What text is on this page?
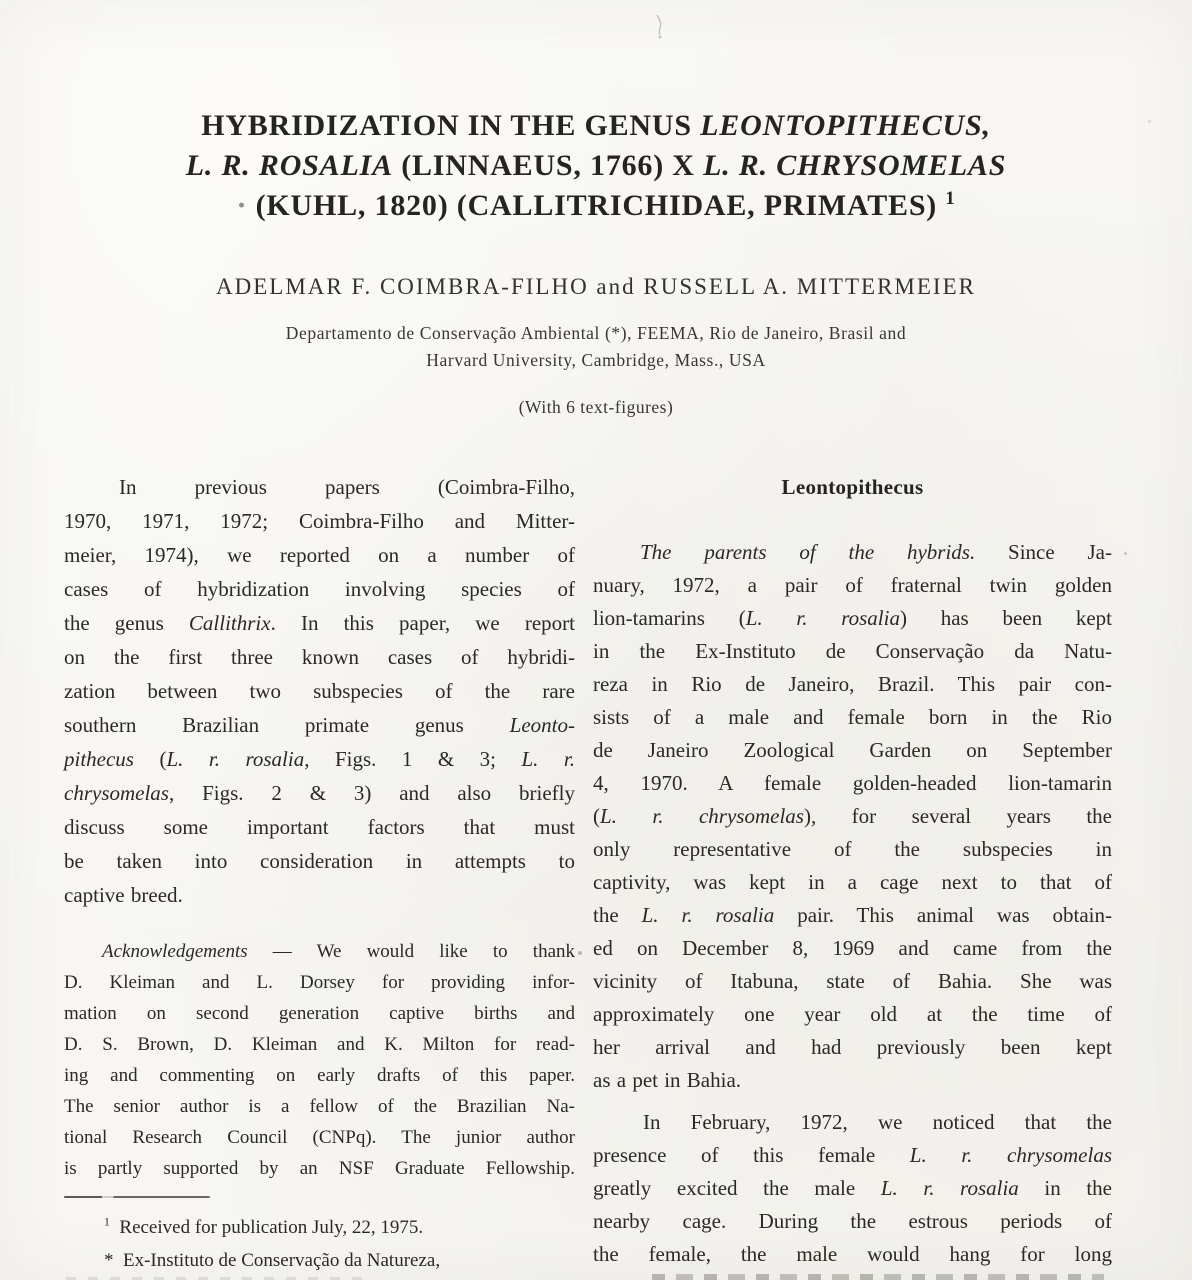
HYBRIDIZATION IN THE GENUS LEONTOPITHECUS,
L. R. ROSALIA (LINNAEUS, 1766) X L. R. CHRYSOMELAS
· (KUHL, 1820) (CALLITRICHIDAE, PRIMATES) $^1$
ADELMAR F. COIMBRA-FILHO and RUSSELL A. MITTERMEIER
Departamento de Conservação Ambiental (*), FEEMA, Rio de Janeiro, Brasil and
Harvard University, Cambridge, Mass., USA
(With 6 text-figures)
In previous papers (Coimbra-Filho,
1970, 1971, 1972; Coimbra-Filho and Mitter-
meier, 1974), we reported on a number of
cases of hybridization involving species of
the genus Callithrix. In this paper, we report
on the first three known cases of hybridi-
zation between two subspecies of the rare
southern Brazilian primate genus Leonto-
pithecus (L. r. rosalia, Figs. 1 & 3; L. r.
chrysomelas, Figs. 2 & 3) and also briefly
discuss some important factors that must
be taken into consideration in attempts to
captive breed.
Acknowledgements — We would like to thank
D. Kleiman and L. Dorsey for providing infor-
mation on second generation captive births and
D. S. Brown, D. Kleiman and K. Milton for read-
ing and commenting on early drafts of this paper.
The senior author is a fellow of the Brazilian Na-
tional Research Council (CNPq). The junior author
is partly supported by an NSF Graduate Fellowship.
$^1$  Received for publication July, 22, 1975.
*  Ex-Instituto de Conservação da Natureza,
Leontopithecus
The parents of the hybrids. Since Ja-
nuary, 1972, a pair of fraternal twin golden
lion-tamarins (L. r. rosalia) has been kept
in the Ex-Instituto de Conservação da Natu-
reza in Rio de Janeiro, Brazil. This pair con-
sists of a male and female born in the Rio
de Janeiro Zoological Garden on September
4, 1970. A female golden-headed lion-tamarin
(L. r. chrysomelas), for several years the
only representative of the subspecies in
captivity, was kept in a cage next to that of
the L. r. rosalia pair. This animal was obtain-
ed on December 8, 1969 and came from the
vicinity of Itabuna, state of Bahia. She was
approximately one year old at the time of
her arrival and had previously been kept
as a pet in Bahia.
In February, 1972, we noticed that the
presence of this female L. r. chrysomelas
greatly excited the male L. r. rosalia in the
nearby cage. During the estrous periods of
the female, the male would hang for long
